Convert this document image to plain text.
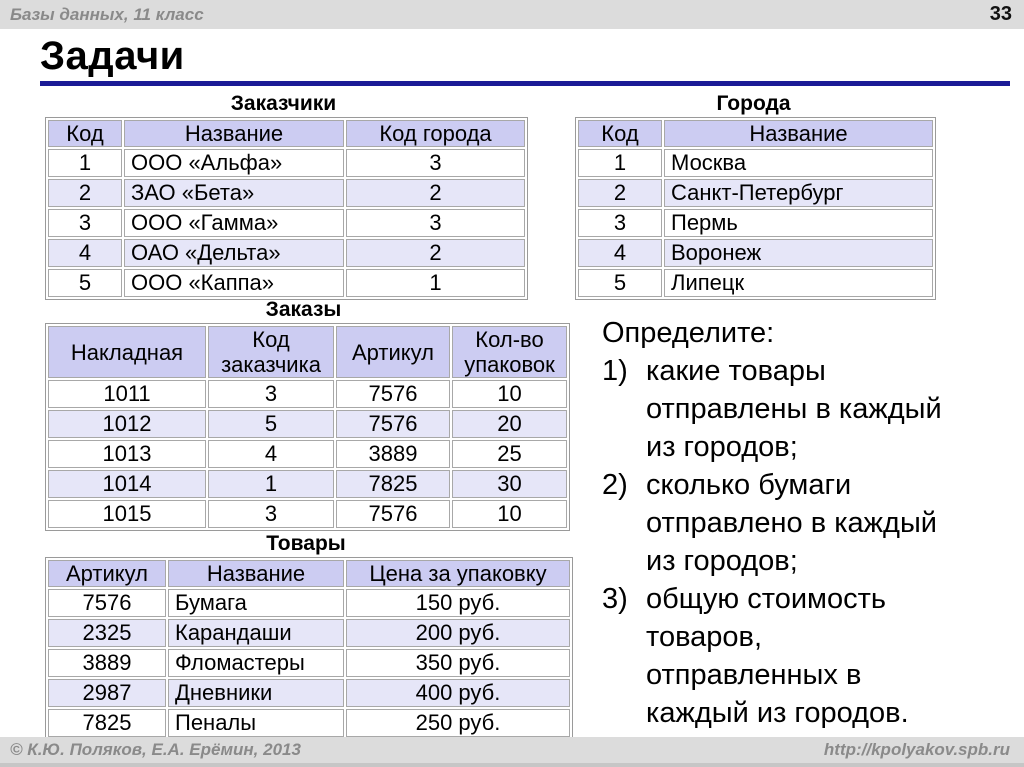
Базы данных, 11 класс	33
Задачи
Заказчики
Код	Название	Код города
1	ООО «Альфа»	3
2	ЗАО «Бета»	2
3	ООО «Гамма»	3
4	ОАО «Дельта»	2
5	ООО «Каппа»	1
Города
Код	Название
1	Москва
2	Санкт-Петербург
3	Пермь
4	Воронеж
5	Липецк
Заказы
Накладная	Код заказчика	Артикул	Кол-во упаковок
1011	3	7576	10
1012	5	7576	20
1013	4	3889	25
1014	1	7825	30
1015	3	7576	10
Товары
Артикул	Название	Цена за упаковку
7576	Бумага	150 руб.
2325	Карандаши	200 руб.
3889	Фломастеры	350 руб.
2987	Дневники	400 руб.
7825	Пеналы	250 руб.
Определите:
1) какие товары отправлены в каждый из городов;
2) сколько бумаги отправлено в каждый из городов;
3) общую стоимость товаров, отправленных в каждый из городов.
© К.Ю. Поляков, Е.А. Ерёмин, 2013	http://kpolyakov.spb.ru
